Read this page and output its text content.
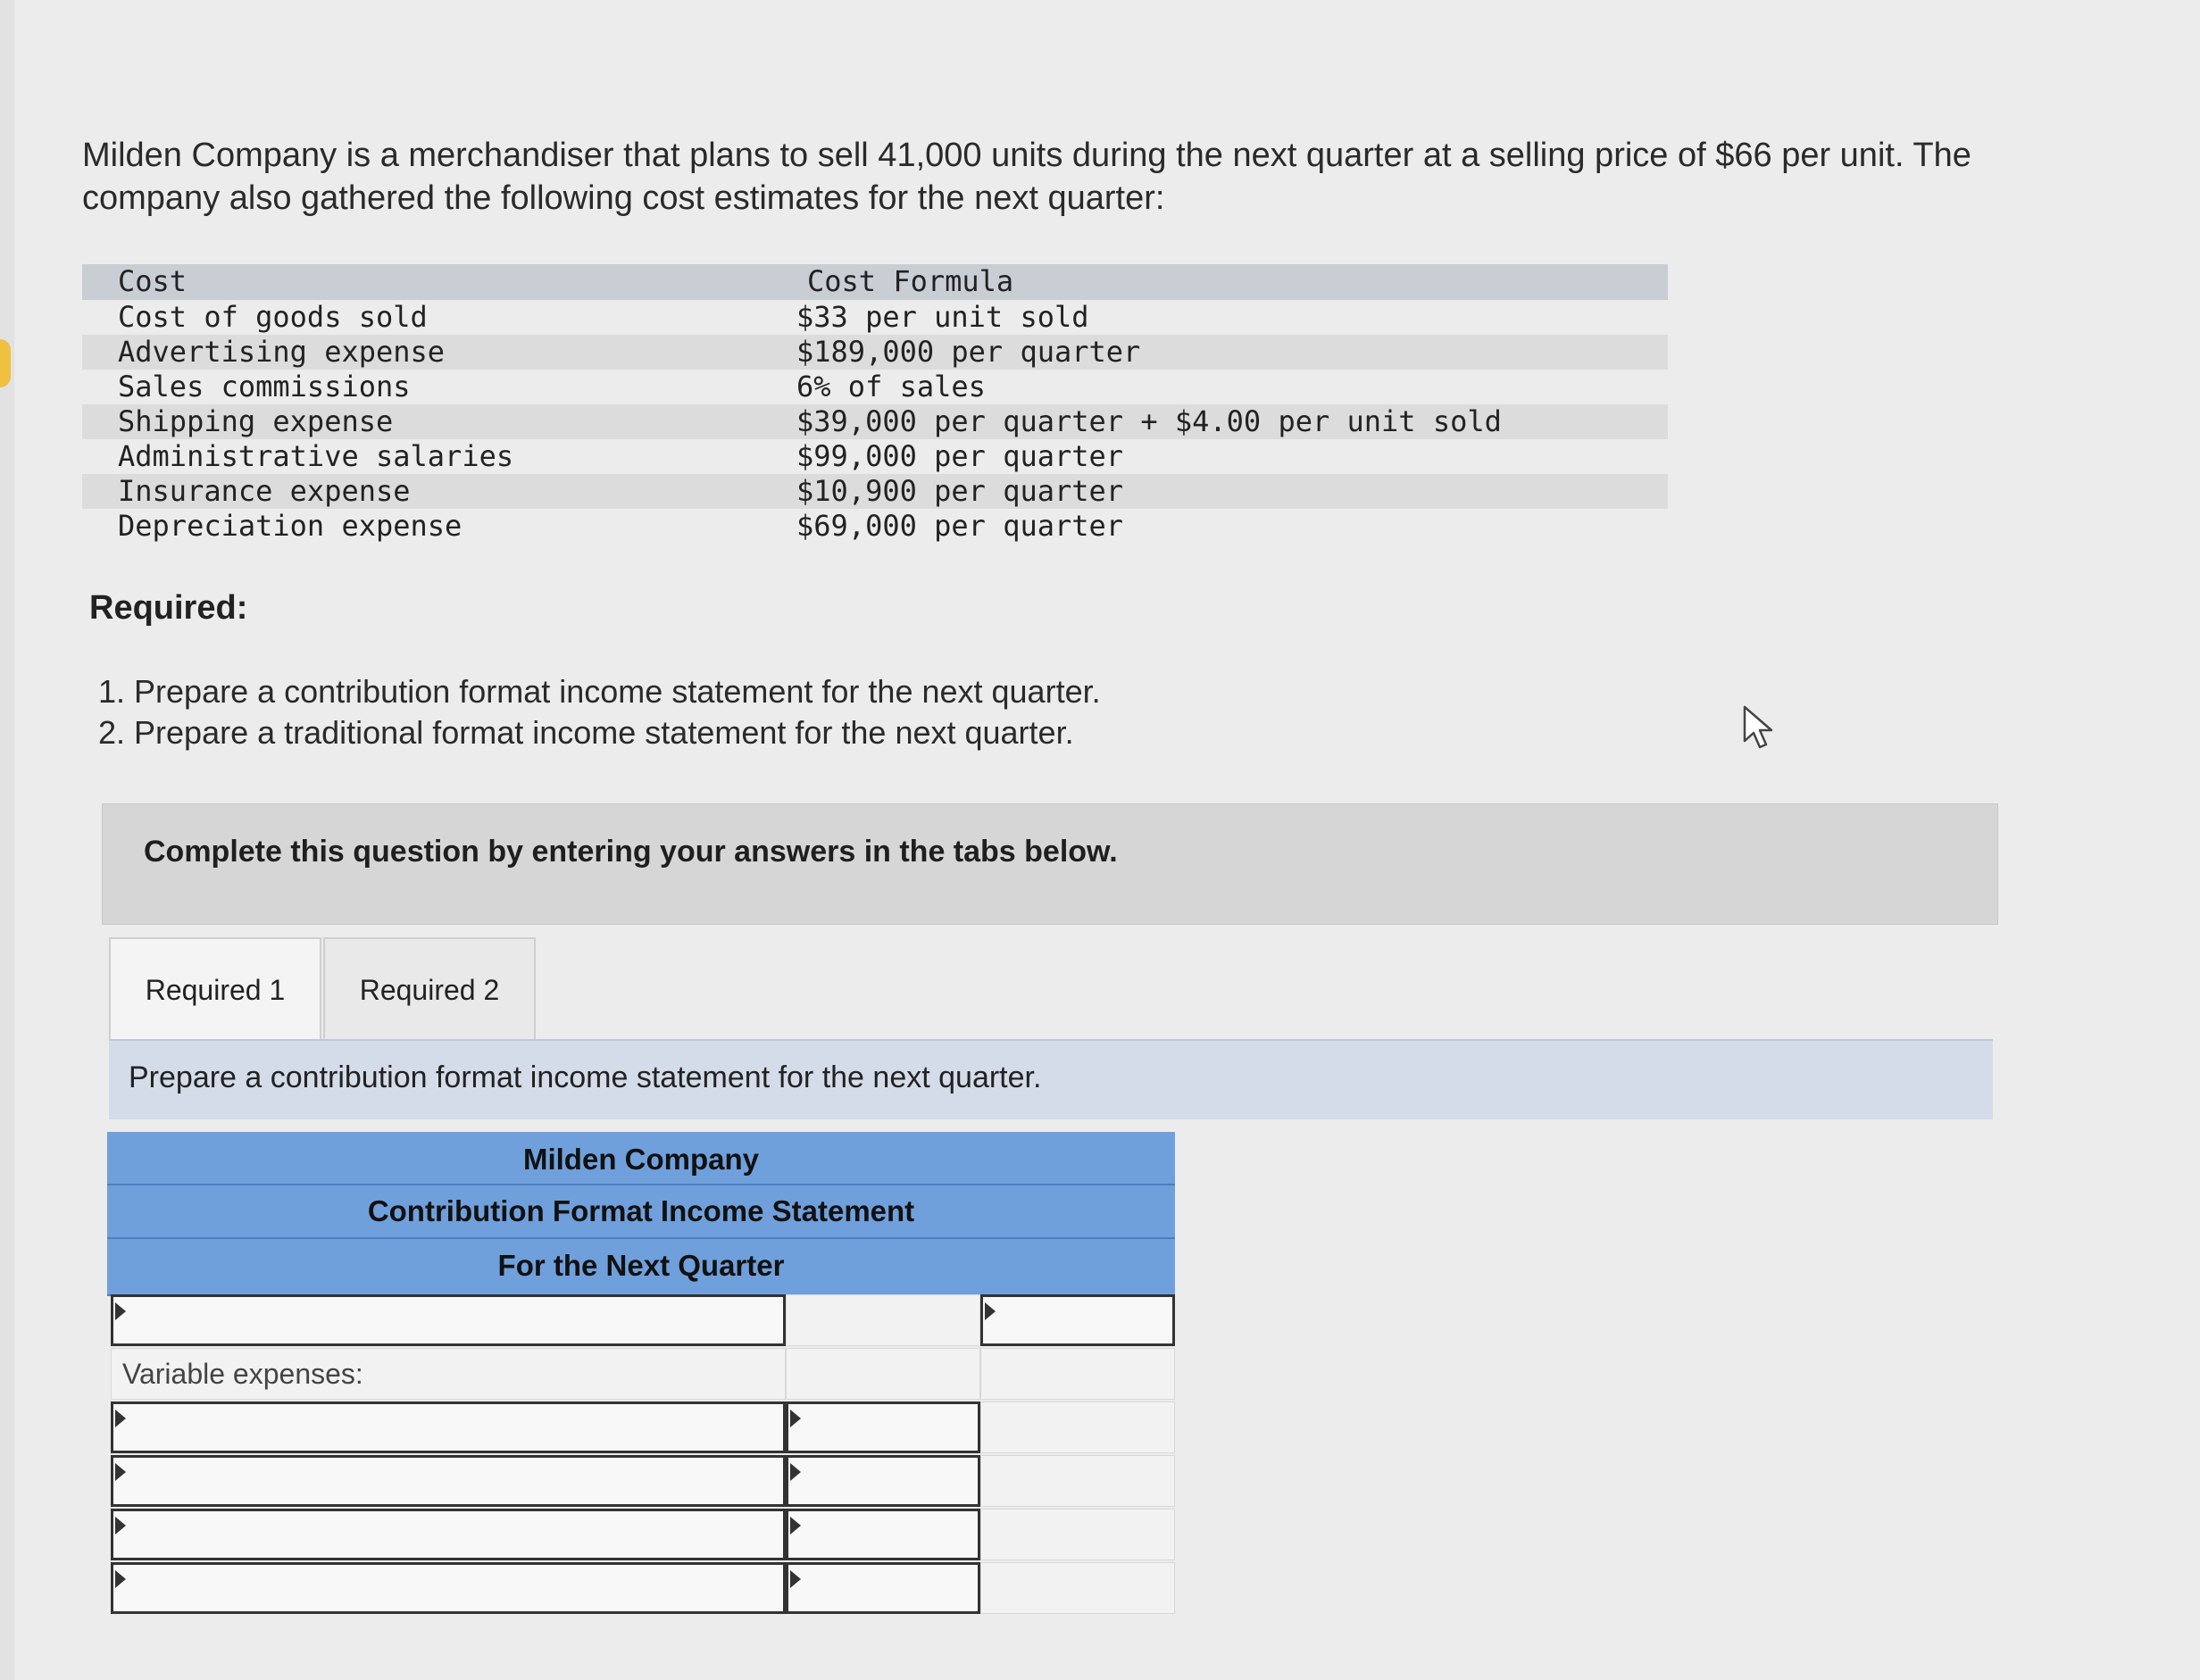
Milden Company is a merchandiser that plans to sell 41,000 units during the next quarter at a selling price of $66 per unit. The
company also gathered the following cost estimates for the next quarter:
Cost	Cost Formula
Cost of goods sold	$33 per unit sold
Advertising expense	$189,000 per quarter
Sales commissions	6% of sales
Shipping expense	$39,000 per quarter + $4.00 per unit sold
Administrative salaries	$99,000 per quarter
Insurance expense	$10,900 per quarter
Depreciation expense	$69,000 per quarter
Required:
1. Prepare a contribution format income statement for the next quarter.
2. Prepare a traditional format income statement for the next quarter.
Complete this question by entering your answers in the tabs below.
Required 1	Required 2
Prepare a contribution format income statement for the next quarter.
Milden Company
Contribution Format Income Statement
For the Next Quarter
Variable expenses:
